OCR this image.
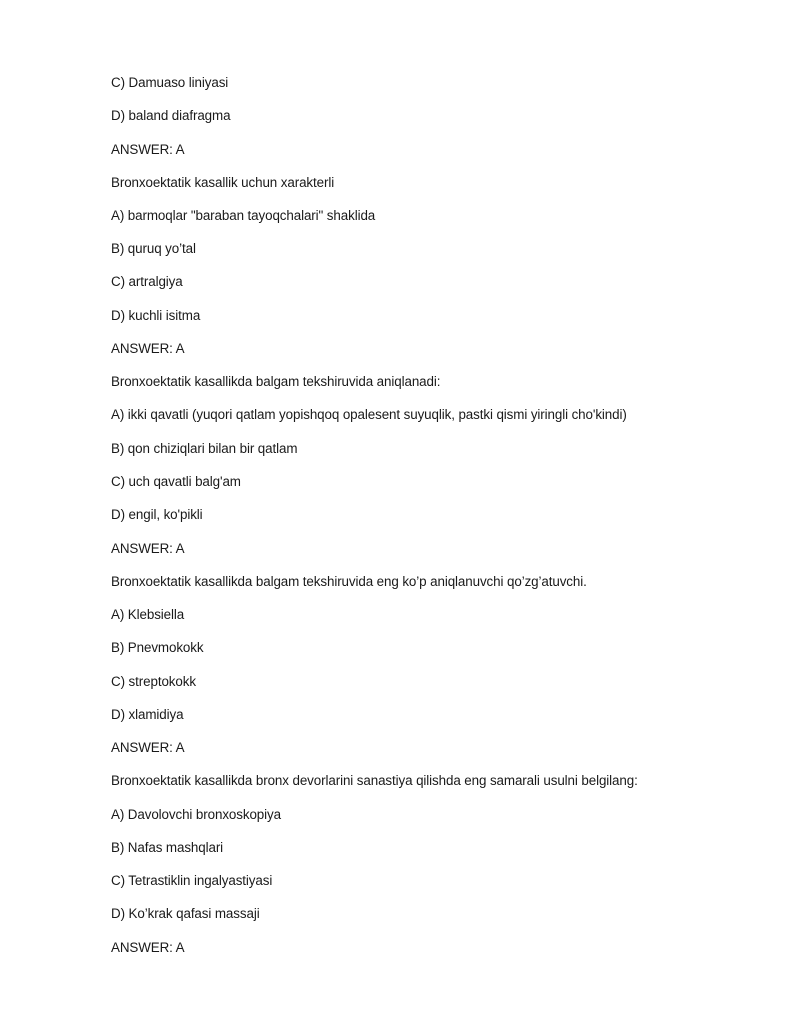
C) Damuaso liniyasi
D) baland diafragma
ANSWER: A
Bronxoektatik kasallik uchun xarakterli
A) barmoqlar "baraban tayoqchalari" shaklida
B) quruq yo’tal
C) artralgiya
D) kuchli isitma
ANSWER: A
Bronxoektatik kasallikda balgam tekshiruvida aniqlanadi:
A) ikki qavatli (yuqori qatlam yopishqoq opalesent suyuqlik, pastki qismi yiringli cho'kindi)
B) qon chiziqlari bilan bir qatlam
C) uch qavatli balg'am
D) engil, ko'pikli
ANSWER: A
Bronxoektatik kasallikda balgam tekshiruvida eng ko’p aniqlanuvchi qo’zg’atuvchi.
A) Klebsiella
B) Pnevmokokk
C) streptokokk
D) xlamidiya
ANSWER: A
Bronxoektatik kasallikda bronx devorlarini sanastiya qilishda eng samarali usulni belgilang:
A) Davolovchi bronxoskopiya
B) Nafas mashqlari
C) Tetrastiklin ingalyastiyasi
D) Ko’krak qafasi massaji
ANSWER: A
